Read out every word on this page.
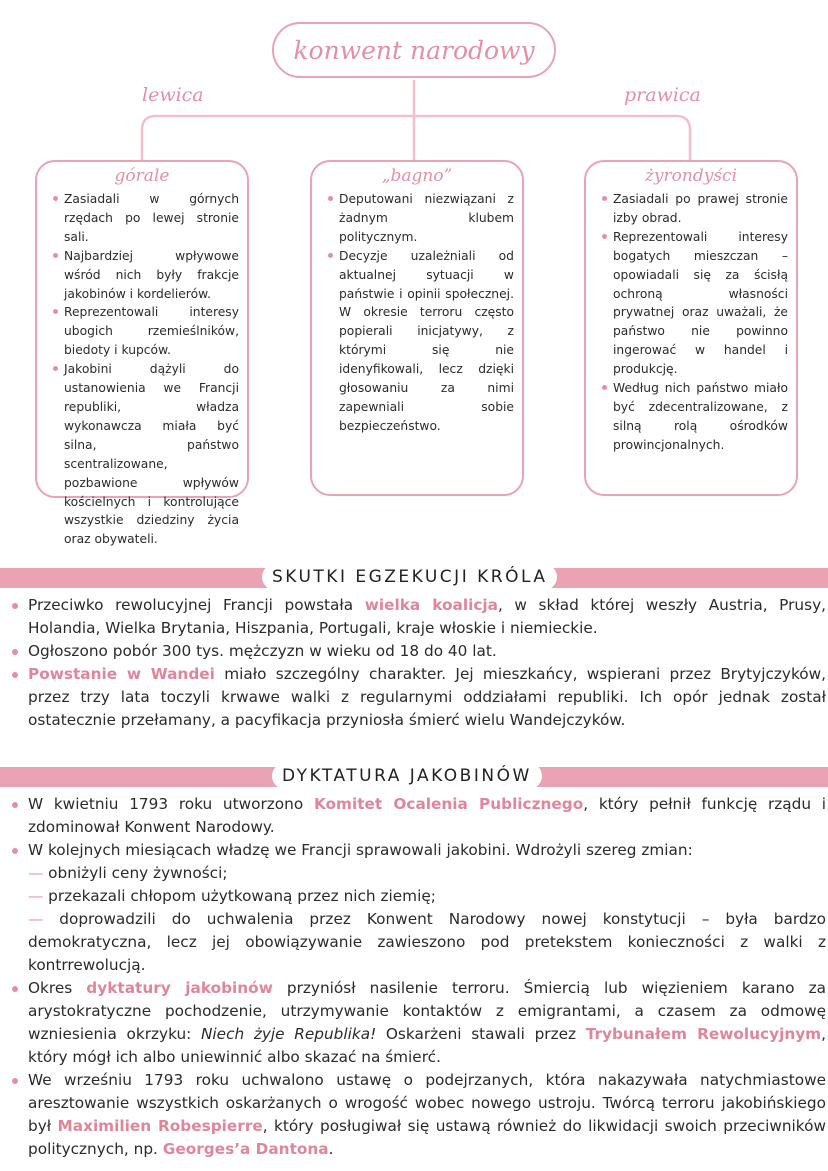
konwent narodowy
lewica	prawica
górale
Zasiadali w górnych rzędach po lewej stronie sali.
Najbardziej wpływowe wśród nich były frakcje jakobinów i kordelierów.
Reprezentowali interesy ubogich rzemieślników, biedoty i kupców.
Jakobini dążyli do ustanowienia we Francji republiki, władza wykonawcza miała być silna, państwo scentralizowane, pozbawione wpływów kościelnych i kontrolujące wszystkie dziedziny życia oraz obywateli.
„bagno”
Deputowani niezwiązani z żadnym klubem politycznym.
Decyzje uzależniali od aktualnej sytuacji w państwie i opinii społecznej. W okresie terroru często popierali inicjatywy, z którymi się nie idenyfikowali, lecz dzięki głosowaniu za nimi zapewniali sobie bezpieczeństwo.
żyrondyści
Zasiadali po prawej stronie izby obrad.
Reprezentowali interesy bogatych mieszczan – opowiadali się za ścisłą ochroną własności prywatnej oraz uważali, że państwo nie powinno ingerować w handel i produkcję.
Według nich państwo miało być zdecentralizowane, z silną rolą ośrodków prowincjonalnych.
SKUTKI EGZEKUCJI KRÓLA
Przeciwko rewolucyjnej Francji powstała wielka koalicja, w skład której weszły Austria, Prusy, Holandia, Wielka Brytania, Hiszpania, Portugali, kraje włoskie i niemieckie.
Ogłoszono pobór 300 tys. mężczyzn w wieku od 18 do 40 lat.
Powstanie w Wandei miało szczególny charakter. Jej mieszkańcy, wspierani przez Brytyjczyków, przez trzy lata toczyli krwawe walki z regularnymi oddziałami republiki. Ich opór jednak został ostatecznie przełamany, a pacyfikacja przyniosła śmierć wielu Wandejczyków.
DYKTATURA JAKOBINÓW
W kwietniu 1793 roku utworzono Komitet Ocalenia Publicznego, który pełnił funkcję rządu i zdominował Konwent Narodowy.
W kolejnych miesiącach władzę we Francji sprawowali jakobini. Wdrożyli szereg zmian:
— obniżyli ceny żywności;
— przekazali chłopom użytkowaną przez nich ziemię;
— doprowadzili do uchwalenia przez Konwent Narodowy nowej konstytucji – była bardzo demokratyczna, lecz jej obowiązywanie zawieszono pod pretekstem konieczności z walki z kontrrewolucją.
Okres dyktatury jakobinów przyniósł nasilenie terroru. Śmiercią lub więzieniem karano za arystokratyczne pochodzenie, utrzymywanie kontaktów z emigrantami, a czasem za odmowę wzniesienia okrzyku: Niech żyje Republika! Oskarżeni stawali przez Trybunałem Rewolucyjnym, który mógł ich albo uniewinnić albo skazać na śmierć.
We wrześniu 1793 roku uchwalono ustawę o podejrzanych, która nakazywała natychmiastowe aresztowanie wszystkich oskarżanych o wrogość wobec nowego ustroju. Twórcą terroru jakobińskiego był Maximilien Robespierre, który posługiwał się ustawą również do likwidacji swoich przeciwników politycznych, np. Georges’a Dantona.
